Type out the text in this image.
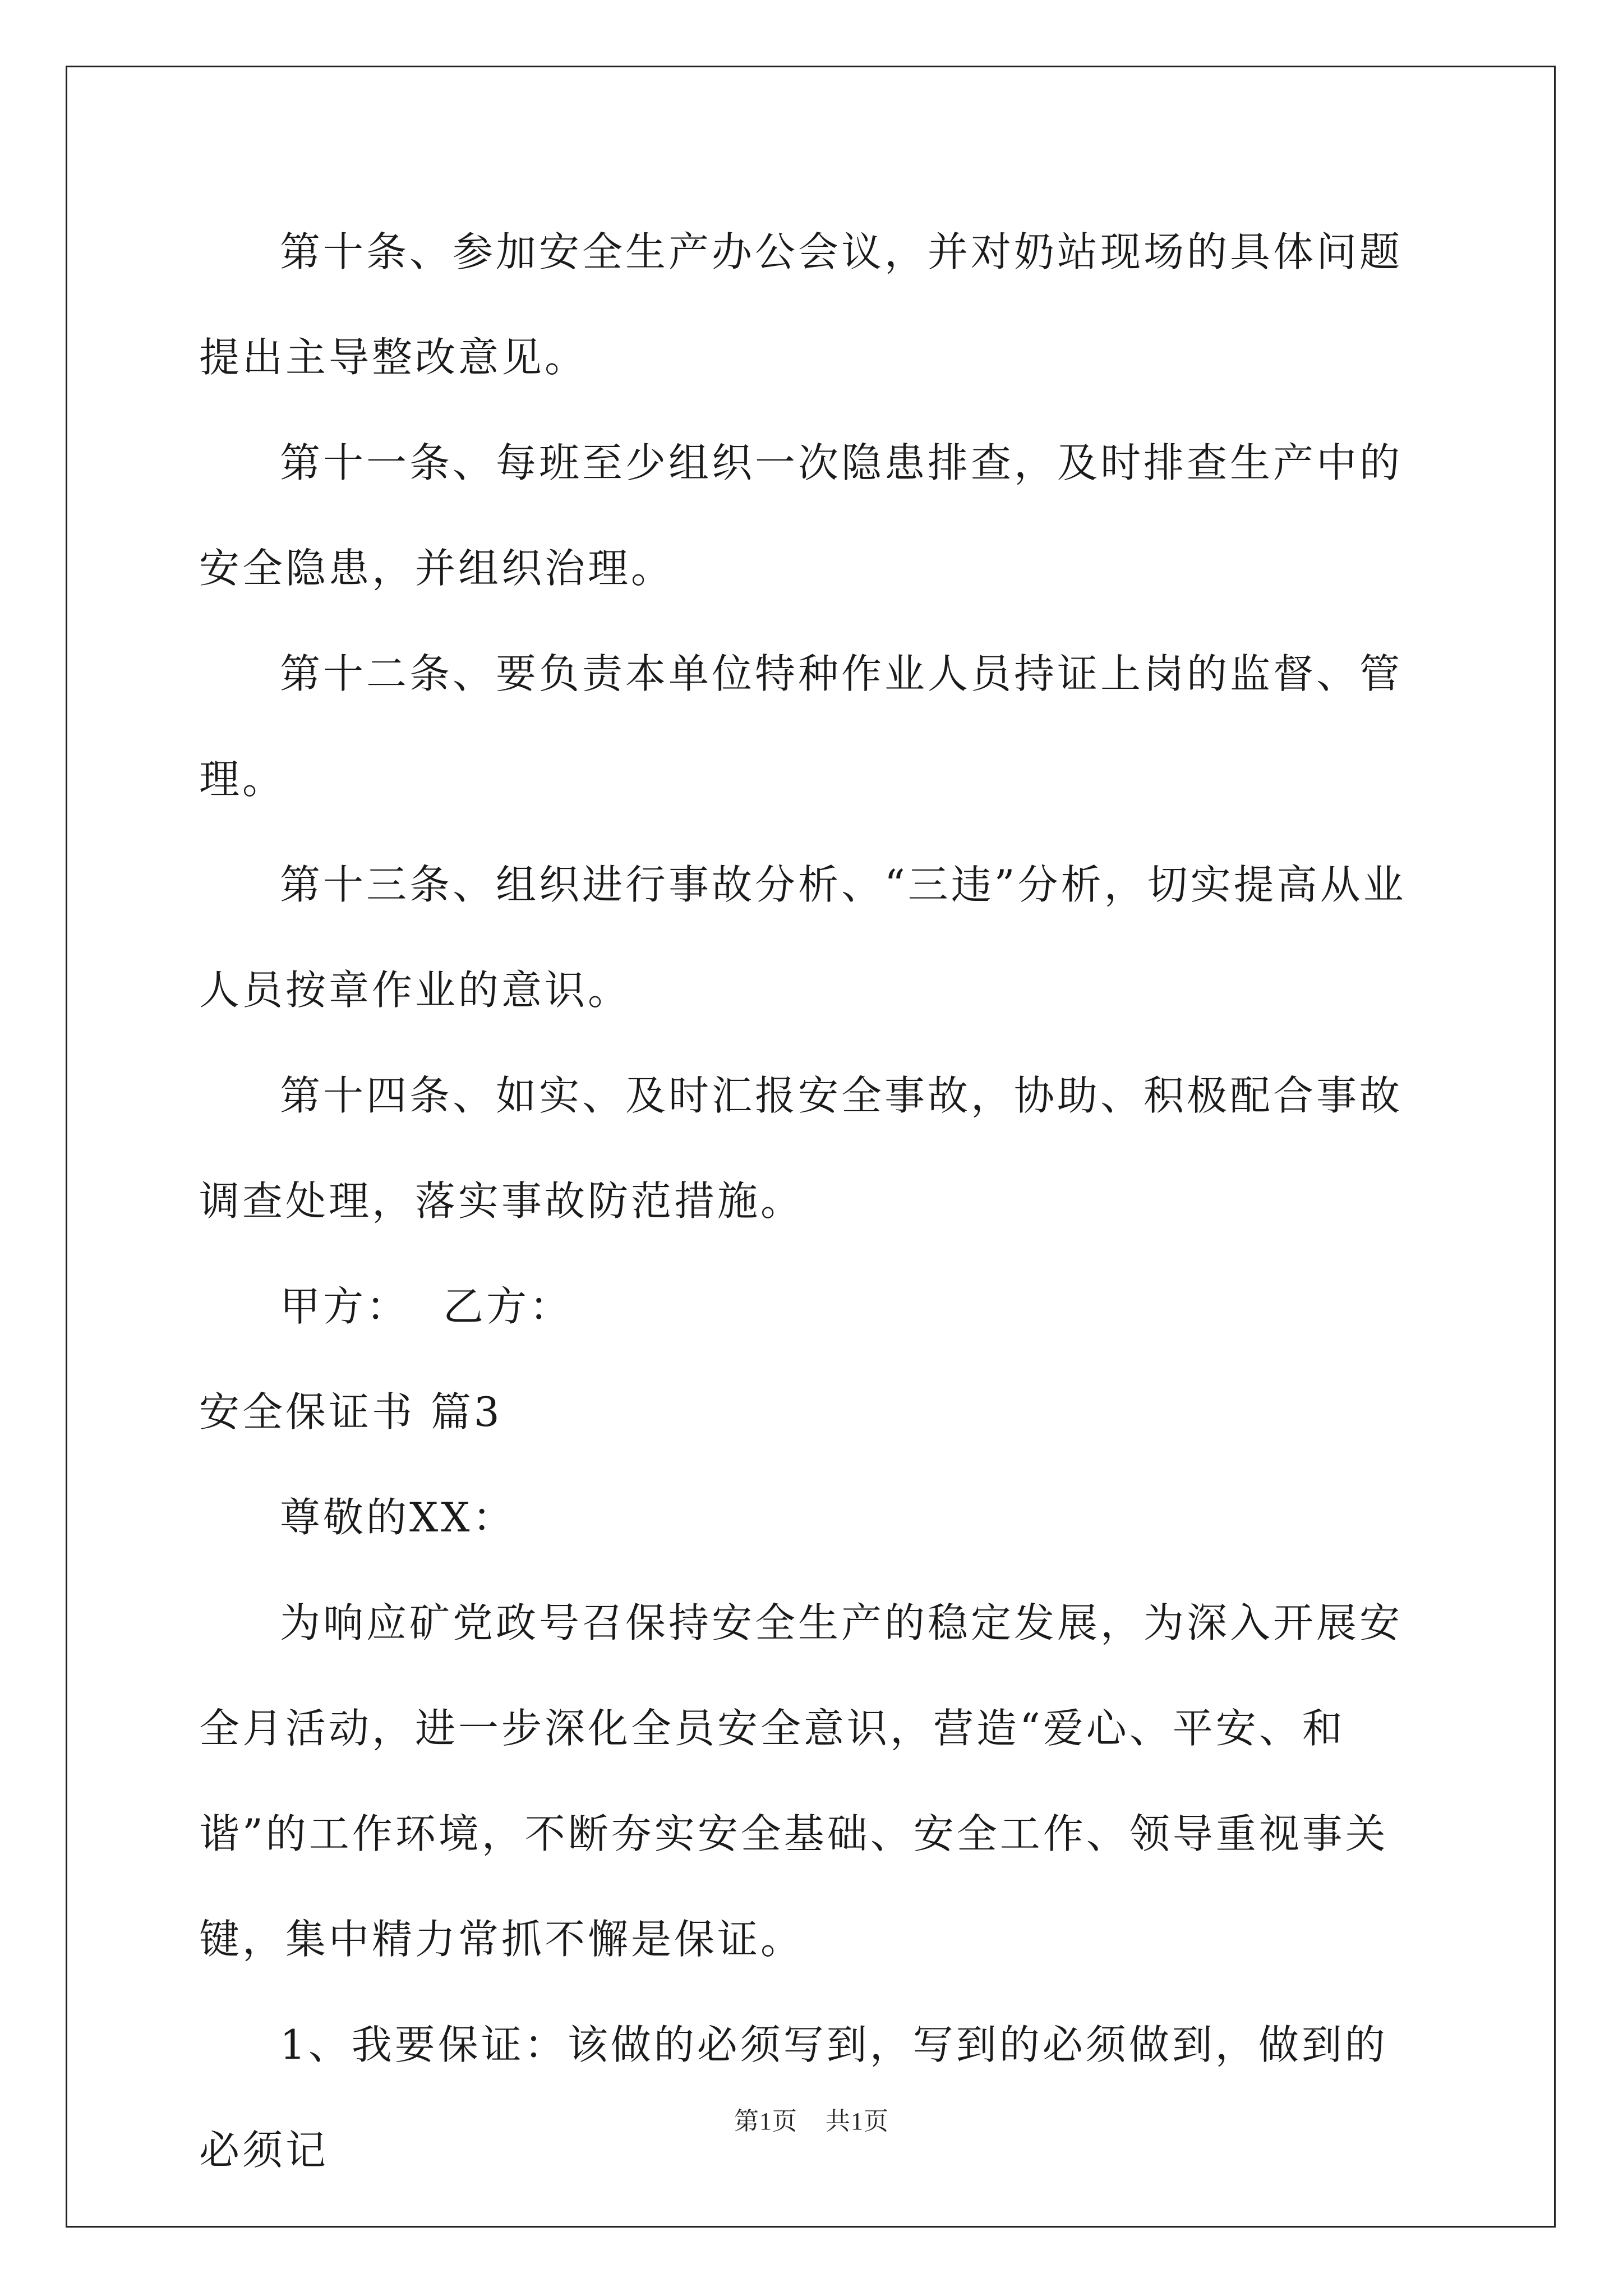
第十条、参加安全生产办公会议，并对奶站现场的具体问题提出主导整改意见。

第十一条、每班至少组织一次隐患排查，及时排查生产中的安全隐患，并组织治理。

第十二条、要负责本单位特种作业人员持证上岗的监督、管理。

第十三条、组织进行事故分析、“三违”分析，切实提高从业人员按章作业的意识。

第十四条、如实、及时汇报安全事故，协助、积极配合事故调查处理，落实事故防范措施。

甲方： 乙方：

安全保证书 篇3

尊敬的XX：

为响应矿党政号召保持安全生产的稳定发展，为深入开展安全月活动，进一步深化全员安全意识，营造“爱心、平安、和谐”的工作环境，不断夯实安全基础、安全工作、领导重视事关键，集中精力常抓不懈是保证。

1、我要保证：该做的必须写到，写到的必须做到，做到的必须记

第1页 共1页
